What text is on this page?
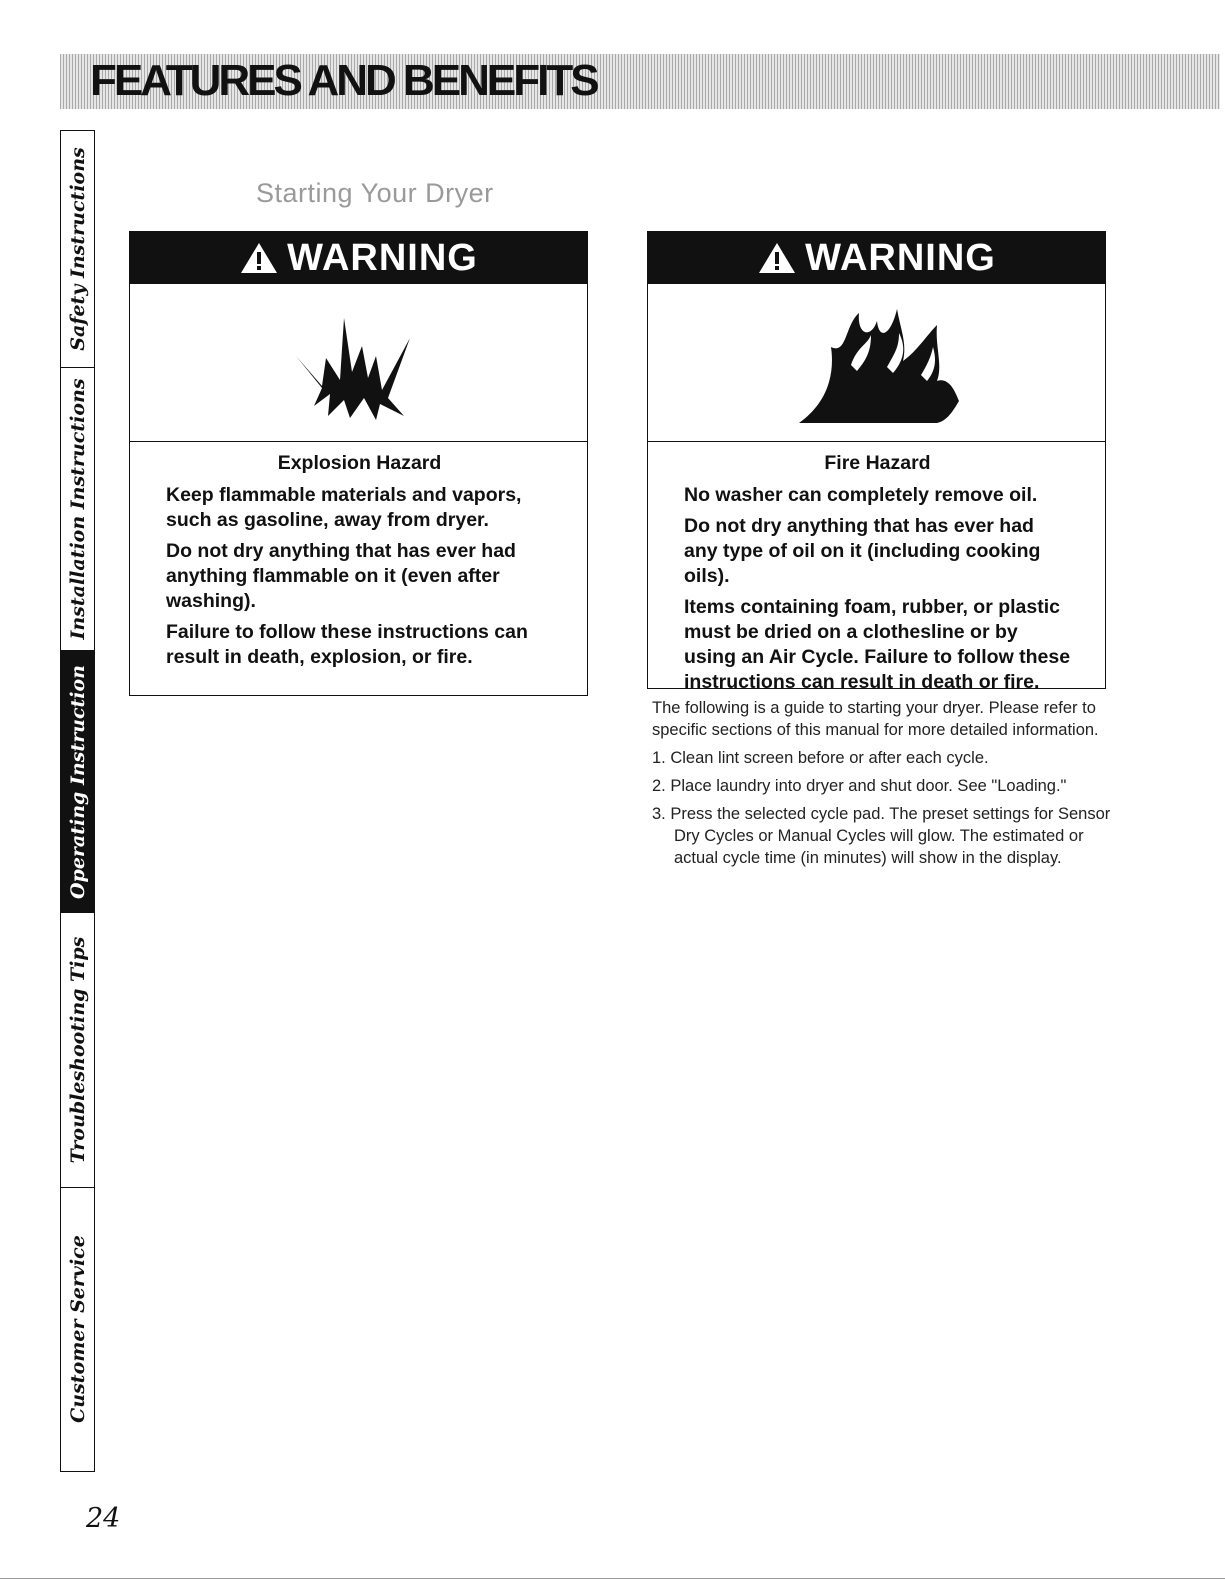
FEATURES AND BENEFITS
Safety Instructions
Installation Instructions
Operating Instruction
Troubleshooting Tips
Customer Service
Starting Your Dryer
WARNING
Explosion Hazard

Keep flammable materials and vapors, such as gasoline, away from dryer.

Do not dry anything that has ever had anything flammable on it (even after washing).

Failure to follow these instructions can result in death, explosion, or fire.

WARNING
Fire Hazard

No washer can completely remove oil.

Do not dry anything that has ever had any type of oil on it (including cooking oils).

Items containing foam, rubber, or plastic must be dried on a clothesline or by using an Air Cycle. Failure to follow these instructions can result in death or fire.

The following is a guide to starting your dryer. Please refer to specific sections of this manual for more detailed information.

1. Clean lint screen before or after each cycle.
2. Place laundry into dryer and shut door. See "Loading."
3. Press the selected cycle pad. The preset settings for Sensor Dry Cycles or Manual Cycles will glow. The estimated or actual cycle time (in minutes) will show in the display.
24
